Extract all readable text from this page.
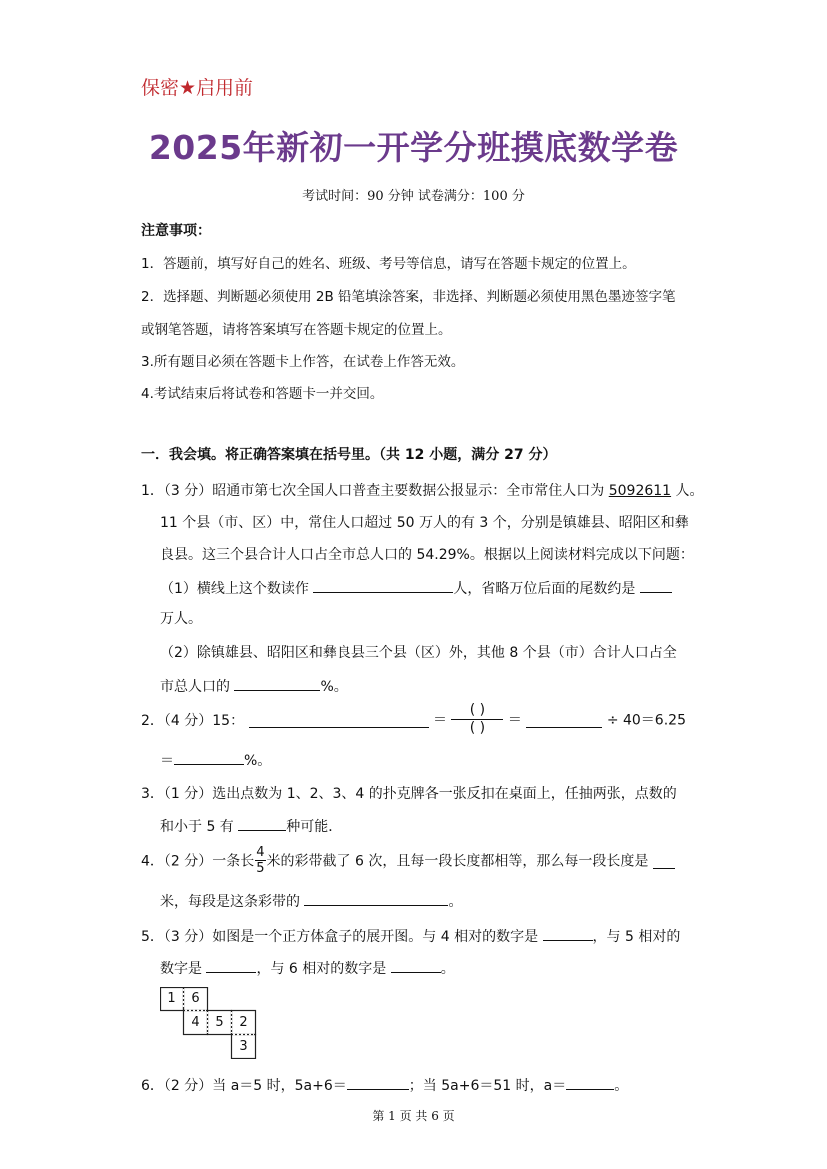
保密★启用前
2025年新初一开学分班摸底数学卷
考试时间：90 分钟 试卷满分：100 分
注意事项：
1．答题前，填写好自己的姓名、班级、考号等信息，请写在答题卡规定的位置上。
2．选择题、判断题必须使用 2B 铅笔填涂答案，非选择、判断题必须使用黑色墨迹签字笔
或钢笔答题，请将答案填写在答题卡规定的位置上。
3.所有题目必须在答题卡上作答，在试卷上作答无效。
4.考试结束后将试卷和答题卡一并交回。
一．我会填。将正确答案填在括号里。（共 12 小题，满分 27 分）
1．（3 分）昭通市第七次全国人口普查主要数据公报显示：全市常住人口为 5092611 人。
11 个县（市、区）中，常住人口超过 50 万人的有 3 个，分别是镇雄县、昭阳区和彝
良县。这三个县合计人口占全市总人口的 54.29%。根据以上阅读材料完成以下问题：
（1）横线上这个数读作	人，省略万位后面的尾数约是
万人。
（2）除镇雄县、昭阳区和彝良县三个县（区）外，其他 8 个县（市）合计人口占全
市总人口的	%。
2．（4 分）15：	＝ $\frac{( )}{( )}$ ＝	÷ 40＝6.25
＝	%。
3．（1 分）选出点数为 1、2、3、4 的扑克牌各一张反扣在桌面上，任抽两张，点数的
和小于 5 有	种可能．
4．（2 分）一条长 $\frac{4}{5}$ 米的彩带截了 6 次，且每一段长度都相等，那么每一段长度是
米，每段是这条彩带的	。
5．（3 分）如图是一个正方体盒子的展开图。与 4 相对的数字是	，与 5 相对的
数字是	，与 6 相对的数字是	。
1	6
4	5	2
3
6．（2 分）当 a＝5 时，5a+6＝	；当 5a+6＝51 时，a＝	。
第 1 页 共 6 页
